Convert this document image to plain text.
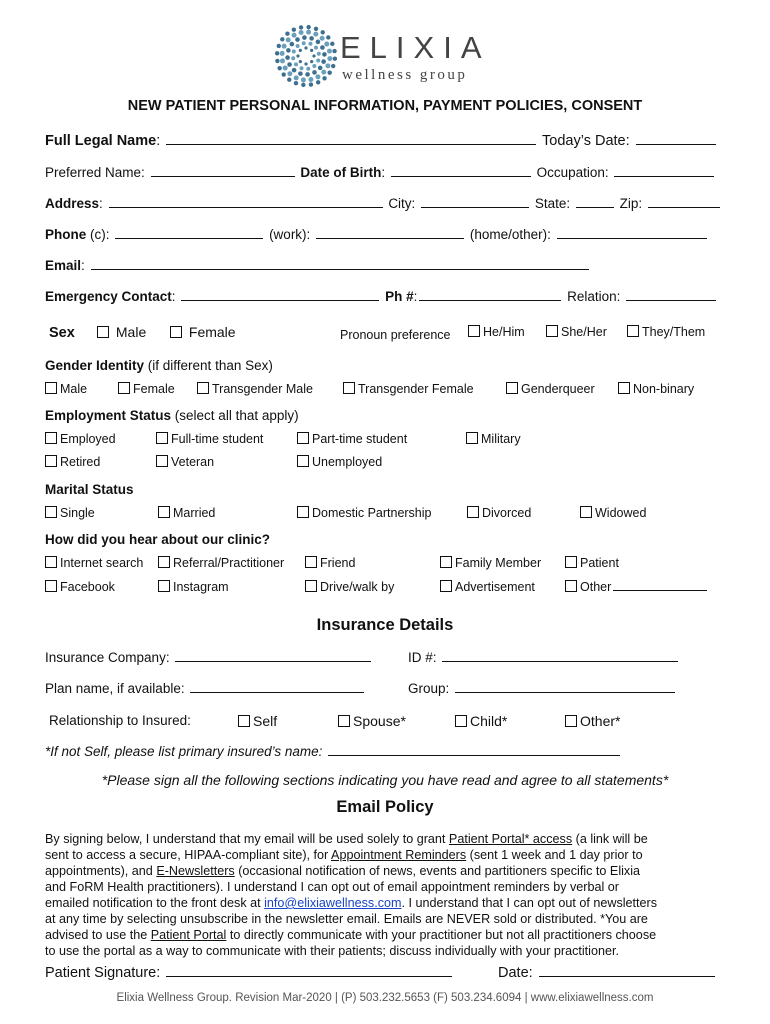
ELIXIA
wellness group
NEW PATIENT PERSONAL INFORMATION, PAYMENT POLICIES, CONSENT
Full Legal Name:	Today’s Date:
Preferred Name:	Date of Birth:	Occupation:
Address:	City:	State:	Zip:
Phone (c):	(work):	(home/other):
Email:
Emergency Contact:	Ph #:	Relation:
Sex	Male	Female	Pronoun preference	He/Him	She/Her	They/Them
Gender Identity (if different than Sex)
Male	Female	Transgender Male	Transgender Female	Genderqueer	Non-binary
Employment Status (select all that apply)
Employed	Full-time student	Part-time student	Military
Retired	Veteran	Unemployed
Marital Status
Single	Married	Domestic Partnership	Divorced	Widowed
How did you hear about our clinic?
Internet search	Referral/Practitioner	Friend	Family Member	Patient
Facebook	Instagram	Drive/walk by	Advertisement	Other
Insurance Details
Insurance Company:	ID #:
Plan name, if available:	Group:
Relationship to Insured:	Self	Spouse*	Child*	Other*
*If not Self, please list primary insured’s name:
*Please sign all the following sections indicating you have read and agree to all statements*
Email Policy
By signing below, I understand that my email will be used solely to grant Patient Portal* access (a link will be
sent to access a secure, HIPAA-compliant site), for Appointment Reminders (sent 1 week and 1 day prior to
appointments), and E-Newsletters (occasional notification of news, events and partitioners specific to Elixia
and FoRM Health practitioners). I understand I can opt out of email appointment reminders by verbal or
emailed notification to the front desk at info@elixiawellness.com. I understand that I can opt out of newsletters
at any time by selecting unsubscribe in the newsletter email. Emails are NEVER sold or distributed. *You are
advised to use the Patient Portal to directly communicate with your practitioner but not all practitioners choose
to use the portal as a way to communicate with their patients; discuss individually with your practitioner.
Patient Signature:	Date:
Elixia Wellness Group. Revision Mar-2020 | (P) 503.232.5653 (F) 503.234.6094 | www.elixiawellness.com
